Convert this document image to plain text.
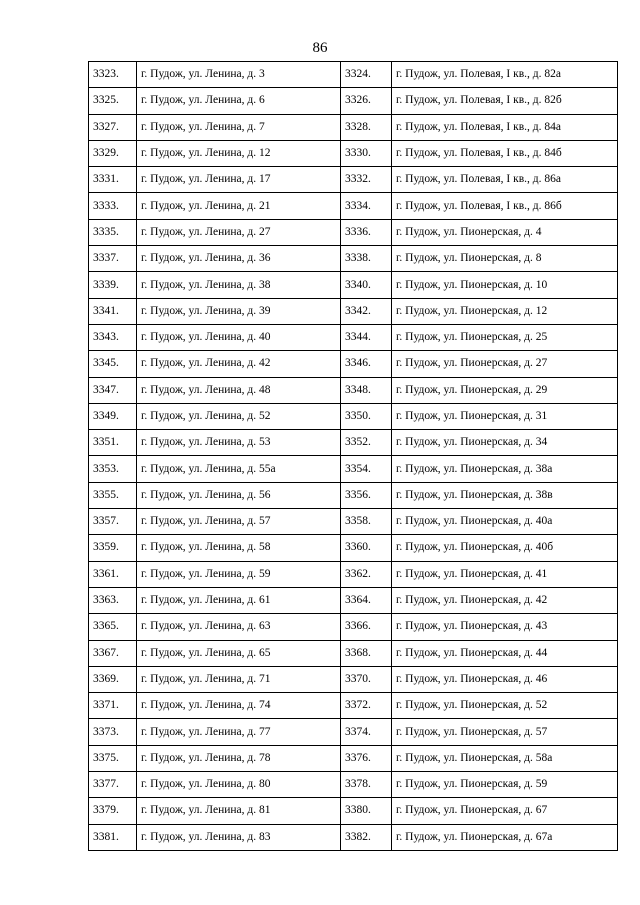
86
3323.	г. Пудож, ул. Ленина, д. 3	3324.	г. Пудож, ул. Полевая, I кв., д. 82а
3325.	г. Пудож, ул. Ленина, д. 6	3326.	г. Пудож, ул. Полевая, I кв., д. 82б
3327.	г. Пудож, ул. Ленина, д. 7	3328.	г. Пудож, ул. Полевая, I кв., д. 84а
3329.	г. Пудож, ул. Ленина, д. 12	3330.	г. Пудож, ул. Полевая, I кв., д. 84б
3331.	г. Пудож, ул. Ленина, д. 17	3332.	г. Пудож, ул. Полевая, I кв., д. 86а
3333.	г. Пудож, ул. Ленина, д. 21	3334.	г. Пудож, ул. Полевая, I кв., д. 86б
3335.	г. Пудож, ул. Ленина, д. 27	3336.	г. Пудож, ул. Пионерская, д. 4
3337.	г. Пудож, ул. Ленина, д. 36	3338.	г. Пудож, ул. Пионерская, д. 8
3339.	г. Пудож, ул. Ленина, д. 38	3340.	г. Пудож, ул. Пионерская, д. 10
3341.	г. Пудож, ул. Ленина, д. 39	3342.	г. Пудож, ул. Пионерская, д. 12
3343.	г. Пудож, ул. Ленина, д. 40	3344.	г. Пудож, ул. Пионерская, д. 25
3345.	г. Пудож, ул. Ленина, д. 42	3346.	г. Пудож, ул. Пионерская, д. 27
3347.	г. Пудож, ул. Ленина, д. 48	3348.	г. Пудож, ул. Пионерская, д. 29
3349.	г. Пудож, ул. Ленина, д. 52	3350.	г. Пудож, ул. Пионерская, д. 31
3351.	г. Пудож, ул. Ленина, д. 53	3352.	г. Пудож, ул. Пионерская, д. 34
3353.	г. Пудож, ул. Ленина, д. 55а	3354.	г. Пудож, ул. Пионерская, д. 38а
3355.	г. Пудож, ул. Ленина, д. 56	3356.	г. Пудож, ул. Пионерская, д. 38в
3357.	г. Пудож, ул. Ленина, д. 57	3358.	г. Пудож, ул. Пионерская, д. 40а
3359.	г. Пудож, ул. Ленина, д. 58	3360.	г. Пудож, ул. Пионерская, д. 40б
3361.	г. Пудож, ул. Ленина, д. 59	3362.	г. Пудож, ул. Пионерская, д. 41
3363.	г. Пудож, ул. Ленина, д. 61	3364.	г. Пудож, ул. Пионерская, д. 42
3365.	г. Пудож, ул. Ленина, д. 63	3366.	г. Пудож, ул. Пионерская, д. 43
3367.	г. Пудож, ул. Ленина, д. 65	3368.	г. Пудож, ул. Пионерская, д. 44
3369.	г. Пудож, ул. Ленина, д. 71	3370.	г. Пудож, ул. Пионерская, д. 46
3371.	г. Пудож, ул. Ленина, д. 74	3372.	г. Пудож, ул. Пионерская, д. 52
3373.	г. Пудож, ул. Ленина, д. 77	3374.	г. Пудож, ул. Пионерская, д. 57
3375.	г. Пудож, ул. Ленина, д. 78	3376.	г. Пудож, ул. Пионерская, д. 58а
3377.	г. Пудож, ул. Ленина, д. 80	3378.	г. Пудож, ул. Пионерская, д. 59
3379.	г. Пудож, ул. Ленина, д. 81	3380.	г. Пудож, ул. Пионерская, д. 67
3381.	г. Пудож, ул. Ленина, д. 83	3382.	г. Пудож, ул. Пионерская, д. 67а
